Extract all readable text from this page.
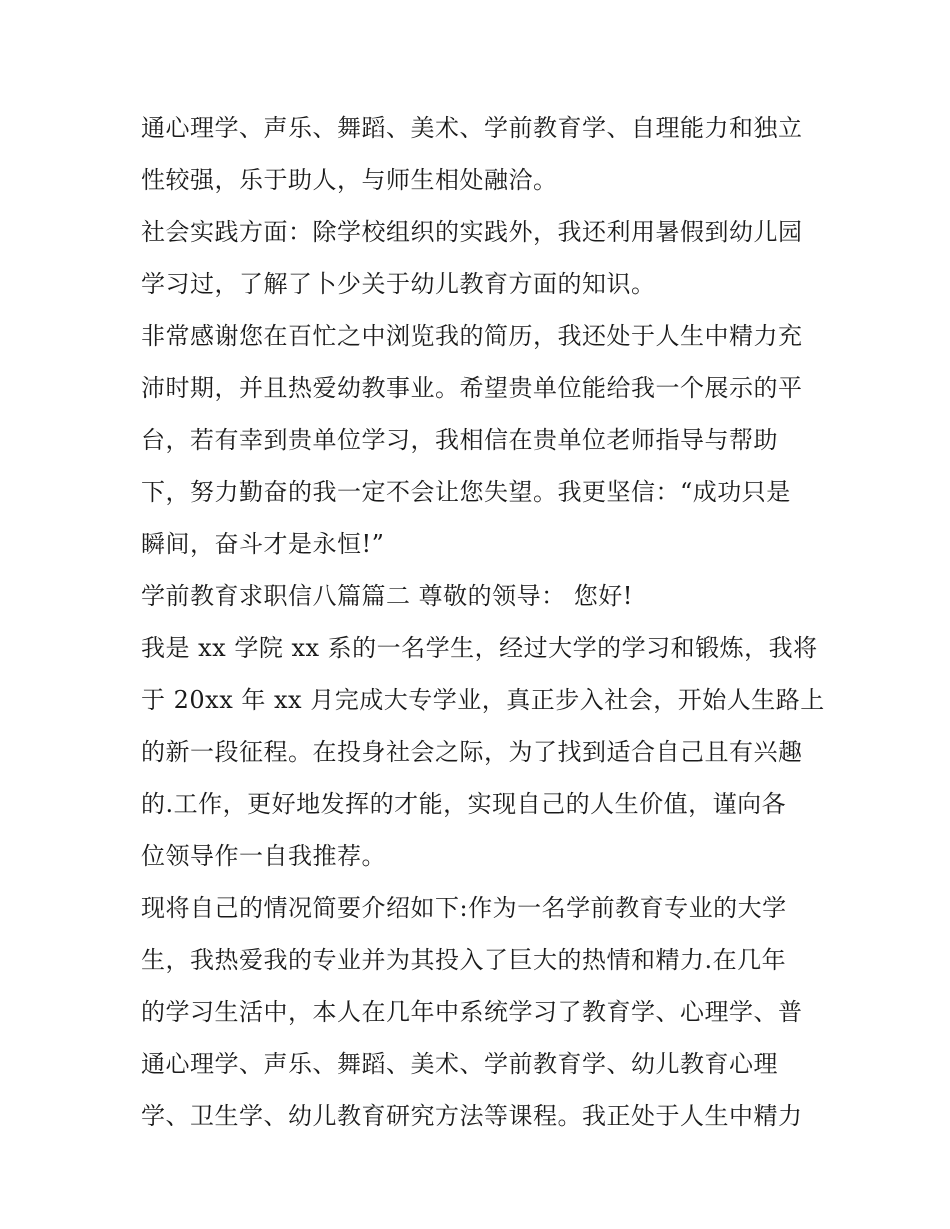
通心理学、声乐、舞蹈、美术、学前教育学、自理能力和独立
性较强，乐于助人，与师生相处融洽。
社会实践方面：除学校组织的实践外，我还利用暑假到幼儿园
学习过，了解了卜少关于幼儿教育方面的知识。
非常感谢您在百忙之中浏览我的简历，我还处于人生中精力充
沛时期，并且热爱幼教事业。希望贵单位能给我一个展示的平
台，若有幸到贵单位学习，我相信在贵单位老师指导与帮助
下，努力勤奋的我一定不会让您失望。我更坚信：“成功只是
瞬间，奋斗才是永恒!”
学前教育求职信八篇篇二 尊敬的领导： 您好!
我是 xx 学院 xx 系的一名学生，经过大学的学习和锻炼，我将
于 20xx 年 xx 月完成大专学业，真正步入社会，开始人生路上
的新一段征程。在投身社会之际，为了找到适合自己且有兴趣
的.工作，更好地发挥的才能，实现自己的人生价值，谨向各
位领导作一自我推荐。
现将自己的情况简要介绍如下:作为一名学前教育专业的大学
生，我热爱我的专业并为其投入了巨大的热情和精力.在几年
的学习生活中，本人在几年中系统学习了教育学、心理学、普
通心理学、声乐、舞蹈、美术、学前教育学、幼儿教育心理
学、卫生学、幼儿教育研究方法等课程。我正处于人生中精力
